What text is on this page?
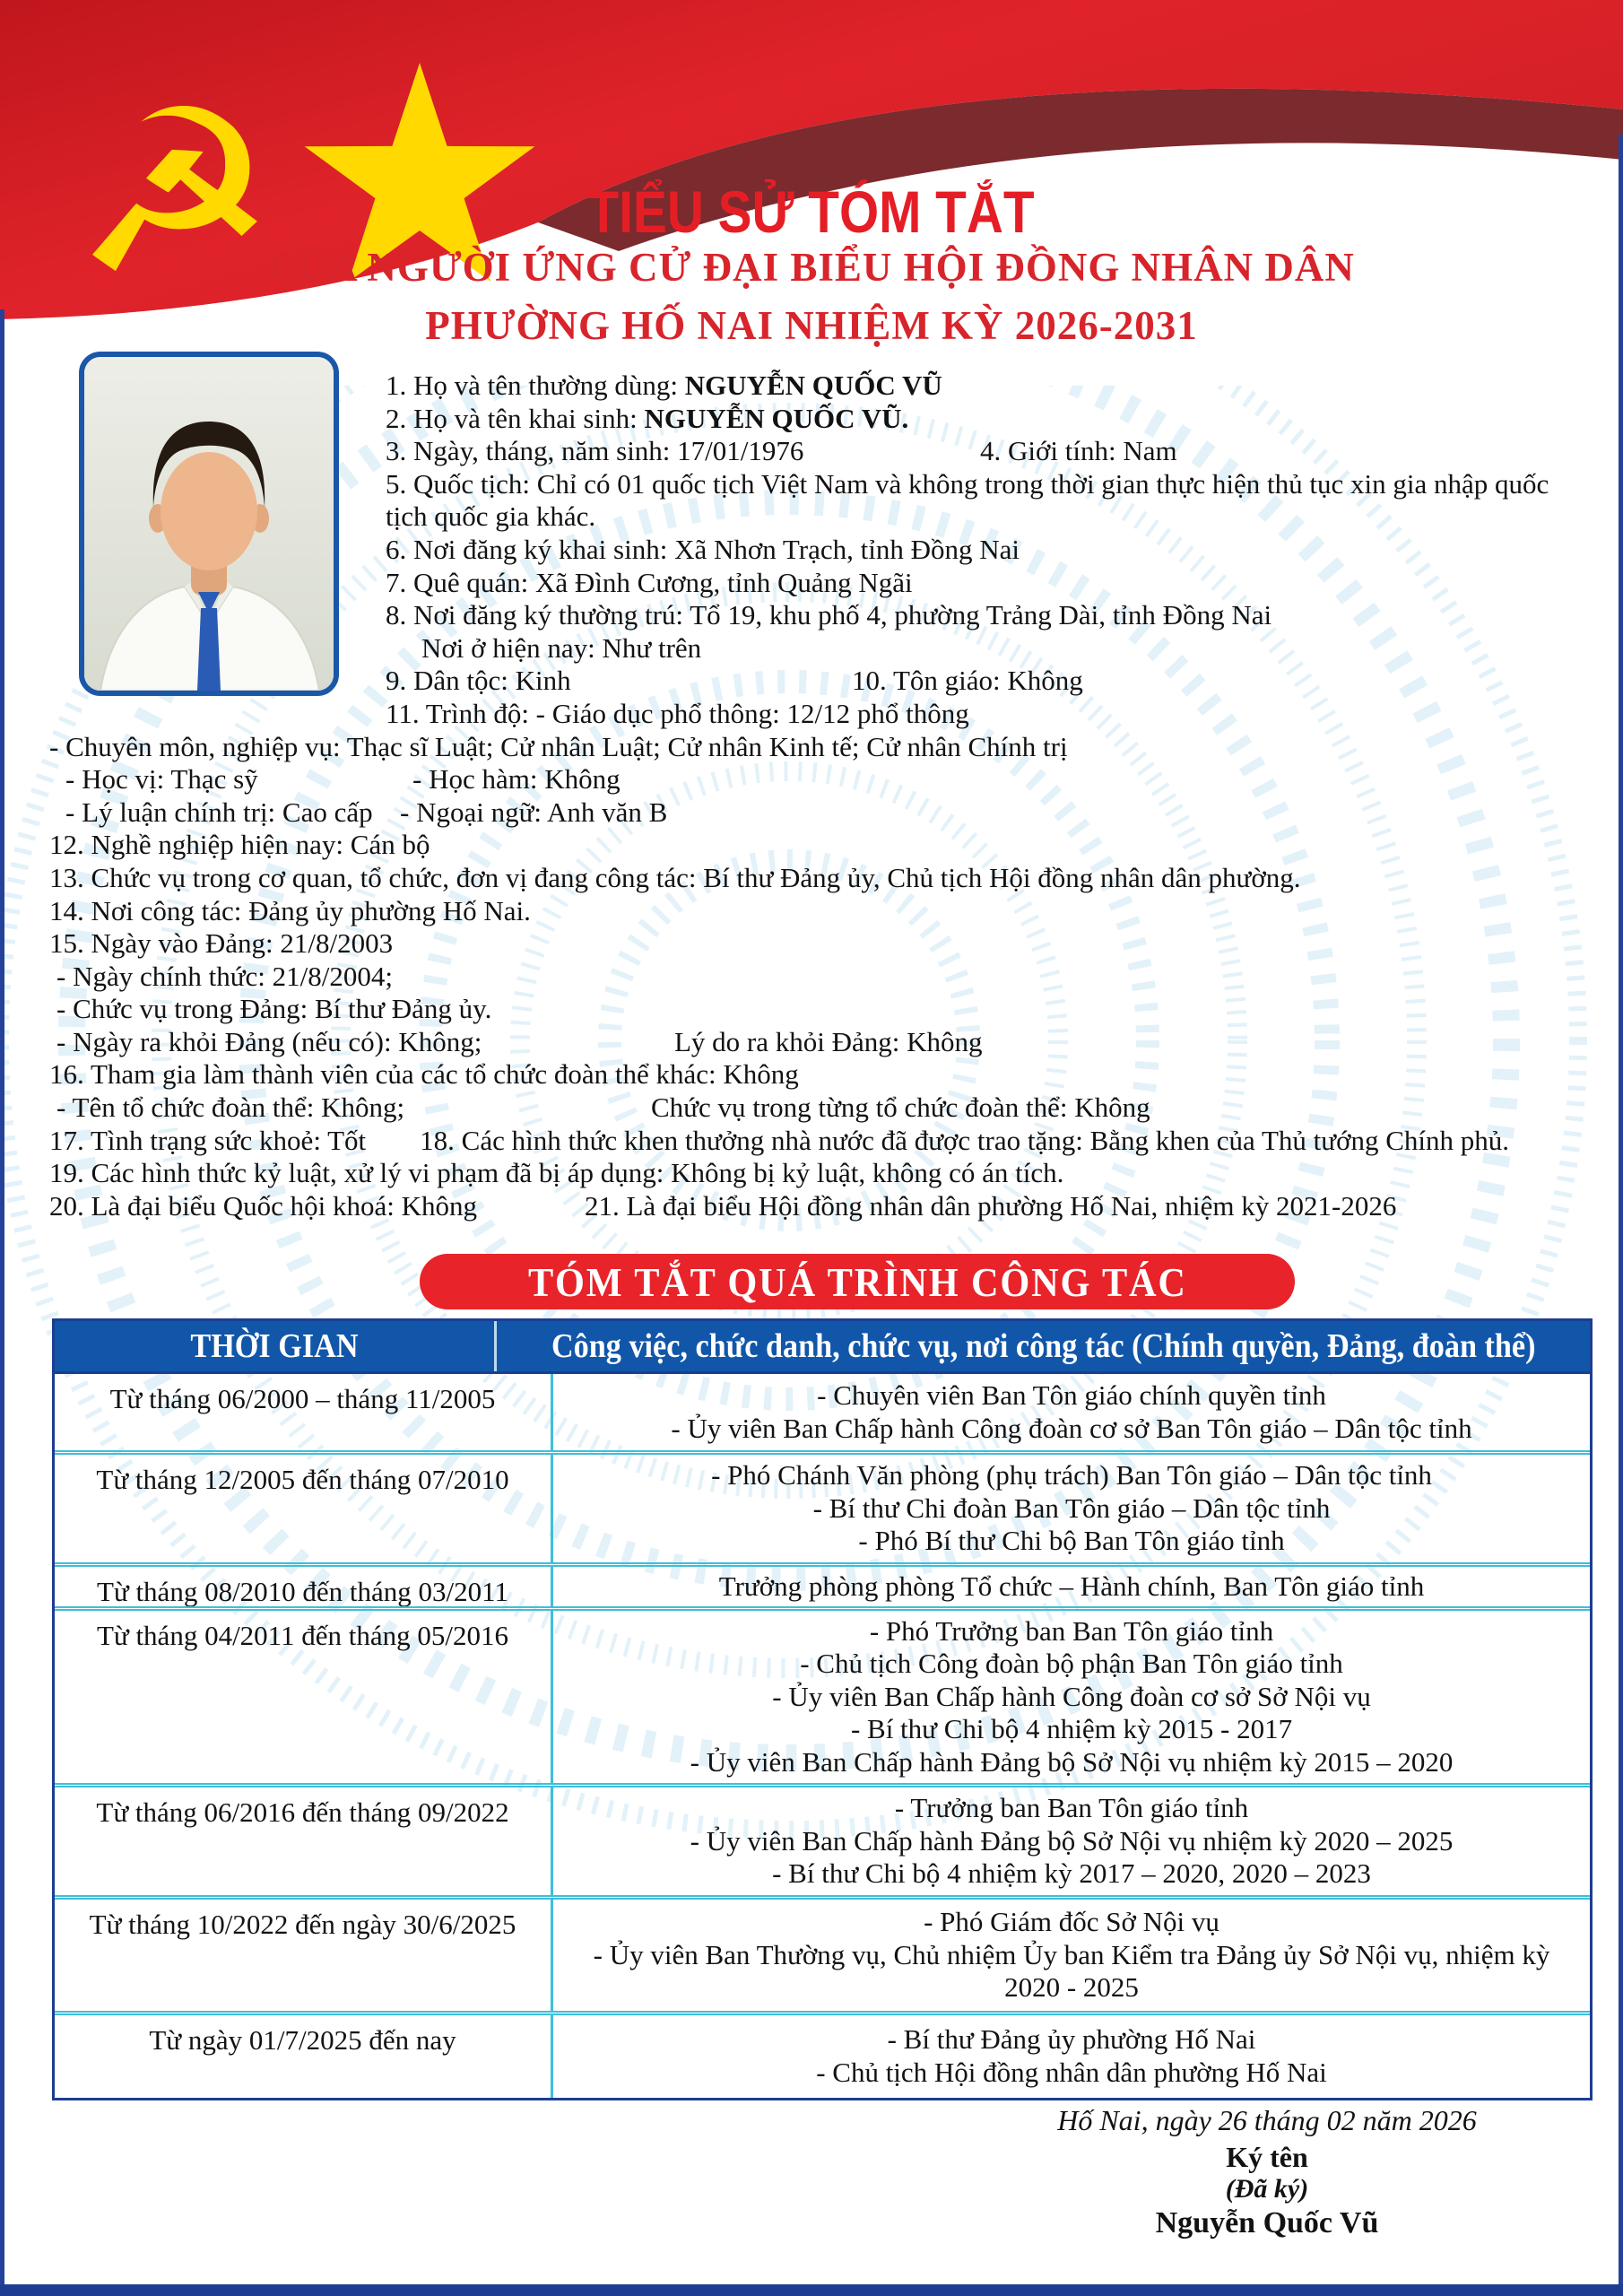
☭	TIỂU SỬ TÓM TẮT
CỦA NGƯỜI ỨNG CỬ ĐẠI BIỂU HỘI ĐỒNG NHÂN DÂN
PHƯỜNG HỐ NAI NHIỆM KỲ 2026-2031
1. Họ và tên thường dùng: NGUYỄN QUỐC VŨ
2. Họ và tên khai sinh: NGUYỄN QUỐC VŨ.
3. Ngày, tháng, năm sinh: 17/01/1976	4. Giới tính: Nam
5. Quốc tịch: Chỉ có 01 quốc tịch Việt Nam và không trong thời gian thực hiện thủ tục xin gia nhập quốc tịch quốc gia khác.
6. Nơi đăng ký khai sinh: Xã Nhơn Trạch, tỉnh Đồng Nai
7. Quê quán: Xã Đình Cương, tỉnh Quảng Ngãi
8. Nơi đăng ký thường trú: Tổ 19, khu phố 4, phường Trảng Dài, tỉnh Đồng Nai
Nơi ở hiện nay: Như trên
9. Dân tộc: Kinh	10. Tôn giáo: Không
11. Trình độ: - Giáo dục phổ thông: 12/12 phổ thông
- Chuyên môn, nghiệp vụ: Thạc sĩ Luật; Cử nhân Luật; Cử nhân Kinh tế; Cử nhân Chính trị
- Học vị: Thạc sỹ	- Học hàm: Không
- Lý luận chính trị: Cao cấp - Ngoại ngữ: Anh văn B
12. Nghề nghiệp hiện nay: Cán bộ
13. Chức vụ trong cơ quan, tổ chức, đơn vị đang công tác: Bí thư Đảng ủy, Chủ tịch Hội đồng nhân dân phường.
14. Nơi công tác: Đảng ủy phường Hố Nai.
15. Ngày vào Đảng: 21/8/2003
- Ngày chính thức: 21/8/2004;
- Chức vụ trong Đảng: Bí thư Đảng ủy.
- Ngày ra khỏi Đảng (nếu có): Không;	Lý do ra khỏi Đảng: Không
16. Tham gia làm thành viên của các tổ chức đoàn thể khác: Không
- Tên tổ chức đoàn thể: Không;	Chức vụ trong từng tổ chức đoàn thể: Không
17. Tình trạng sức khoẻ: Tốt 18. Các hình thức khen thưởng nhà nước đã được trao tặng: Bằng khen của Thủ tướng Chính phủ.
19. Các hình thức kỷ luật, xử lý vi phạm đã bị áp dụng: Không bị kỷ luật, không có án tích.
20. Là đại biểu Quốc hội khoá: Không	21. Là đại biểu Hội đồng nhân dân phường Hố Nai, nhiệm kỳ 2021-2026
TÓM TẮT QUÁ TRÌNH CÔNG TÁC
THỜI GIAN	Công việc, chức danh, chức vụ, nơi công tác (Chính quyền, Đảng, đoàn thể)
Từ tháng 06/2000 – tháng 11/2005	- Chuyên viên Ban Tôn giáo chính quyền tỉnh
- Ủy viên Ban Chấp hành Công đoàn cơ sở Ban Tôn giáo – Dân tộc tỉnh
Từ tháng 12/2005 đến tháng 07/2010	- Phó Chánh Văn phòng (phụ trách) Ban Tôn giáo – Dân tộc tỉnh
- Bí thư Chi đoàn Ban Tôn giáo – Dân tộc tỉnh
- Phó Bí thư Chi bộ Ban Tôn giáo tỉnh
Từ tháng 08/2010 đến tháng 03/2011	Trưởng phòng phòng Tổ chức – Hành chính, Ban Tôn giáo tỉnh
Từ tháng 04/2011 đến tháng 05/2016	- Phó Trưởng ban Ban Tôn giáo tỉnh
- Chủ tịch Công đoàn bộ phận Ban Tôn giáo tỉnh
- Ủy viên Ban Chấp hành Công đoàn cơ sở Sở Nội vụ
- Bí thư Chi bộ 4 nhiệm kỳ 2015 - 2017
- Ủy viên Ban Chấp hành Đảng bộ Sở Nội vụ nhiệm kỳ 2015 – 2020
Từ tháng 06/2016 đến tháng 09/2022	- Trưởng ban Ban Tôn giáo tỉnh
- Ủy viên Ban Chấp hành Đảng bộ Sở Nội vụ nhiệm kỳ 2020 – 2025
- Bí thư Chi bộ 4 nhiệm kỳ 2017 – 2020, 2020 – 2023
Từ tháng 10/2022 đến ngày 30/6/2025	- Phó Giám đốc Sở Nội vụ
- Ủy viên Ban Thường vụ, Chủ nhiệm Ủy ban Kiểm tra Đảng ủy Sở Nội vụ, nhiệm kỳ 2020 - 2025
Từ ngày 01/7/2025 đến nay	- Bí thư Đảng ủy phường Hố Nai
- Chủ tịch Hội đồng nhân dân phường Hố Nai
Hố Nai, ngày 26 tháng 02 năm 2026
Ký tên
(Đã ký)
Nguyễn Quốc Vũ
